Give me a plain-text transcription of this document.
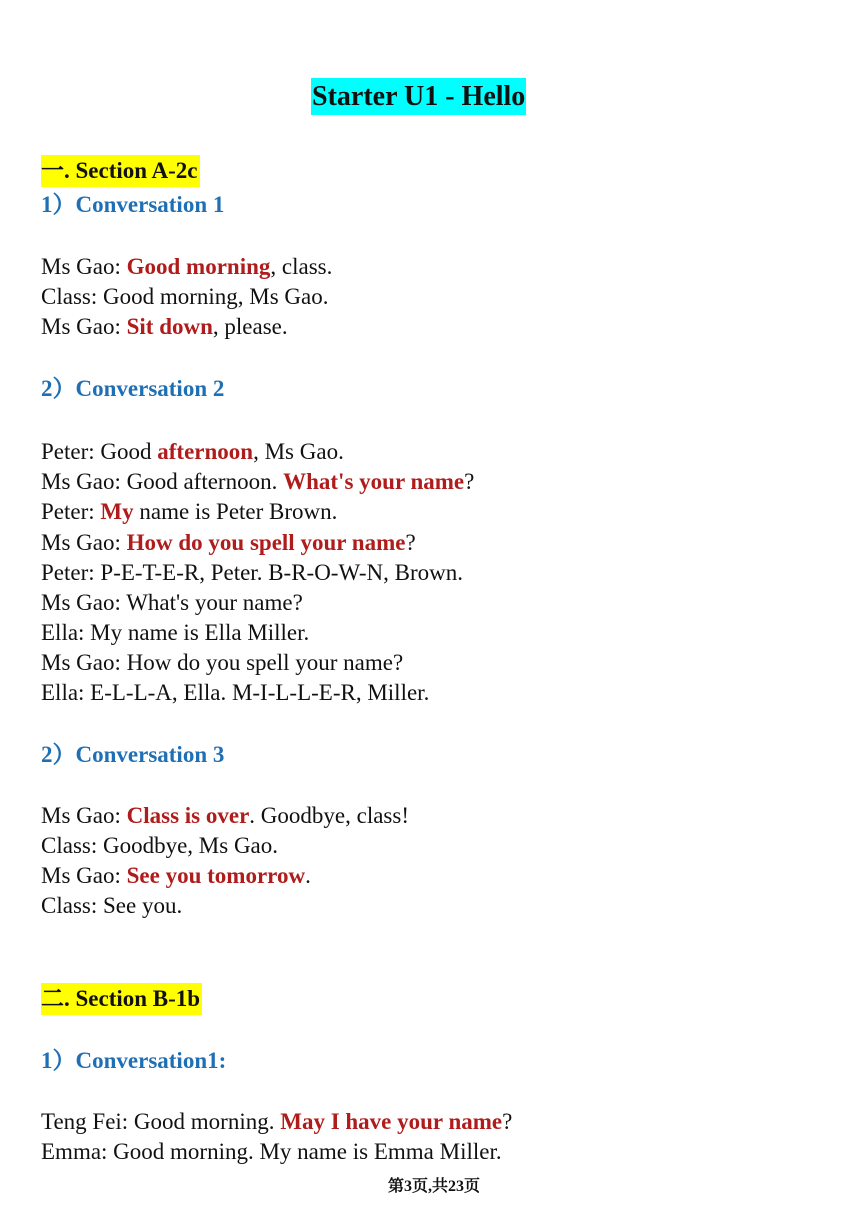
Starter U1 - Hello
一. Section A-2c
1）Conversation 1
Ms Gao: Good morning, class.
Class: Good morning, Ms Gao.
Ms Gao: Sit down, please.
2）Conversation 2
Peter: Good afternoon, Ms Gao.
Ms Gao: Good afternoon. What's your name?
Peter: My name is Peter Brown.
Ms Gao: How do you spell your name?
Peter: P-E-T-E-R, Peter. B-R-O-W-N, Brown.
Ms Gao: What's your name?
Ella: My name is Ella Miller.
Ms Gao: How do you spell your name?
Ella: E-L-L-A, Ella. M-I-L-L-E-R, Miller.
2）Conversation 3
Ms Gao: Class is over. Goodbye, class!
Class: Goodbye, Ms Gao.
Ms Gao: See you tomorrow.
Class: See you.
二. Section B-1b
1）Conversation1:
Teng Fei: Good morning. May I have your name?
Emma: Good morning. My name is Emma Miller.
第3页,共23页
